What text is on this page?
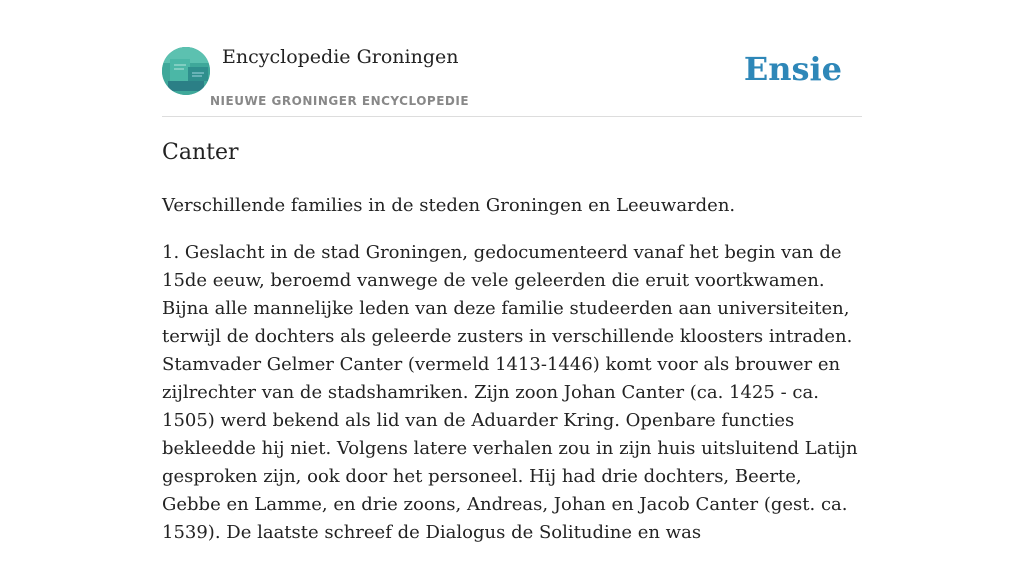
Encyclopedie Groningen
NIEUWE GRONINGER ENCYCLOPEDIE
Ensie
Canter

Verschillende families in de steden Groningen en Leeuwarden.

1. Geslacht in de stad Groningen, gedocumenteerd vanaf het begin van de 15de eeuw, beroemd vanwege de vele geleerden die eruit voortkwamen. Bijna alle mannelijke leden van deze familie studeerden aan universiteiten, terwijl de dochters als geleerde zusters in verschillende kloosters intraden. Stamvader Gelmer Canter (vermeld 1413-1446) komt voor als brouwer en zijlrechter van de stadshamriken. Zijn zoon Johan Canter (ca. 1425 - ca. 1505) werd bekend als lid van de Aduarder Kring. Openbare functies bekleedde hij niet. Volgens latere verhalen zou in zijn huis uitsluitend Latijn gesproken zijn, ook door het personeel. Hij had drie dochters, Beerte, Gebbe en Lamme, en drie zoons, Andreas, Johan en Jacob Canter (gest. ca. 1539). De laatste schreef de Dialogus de Solitudine en was
